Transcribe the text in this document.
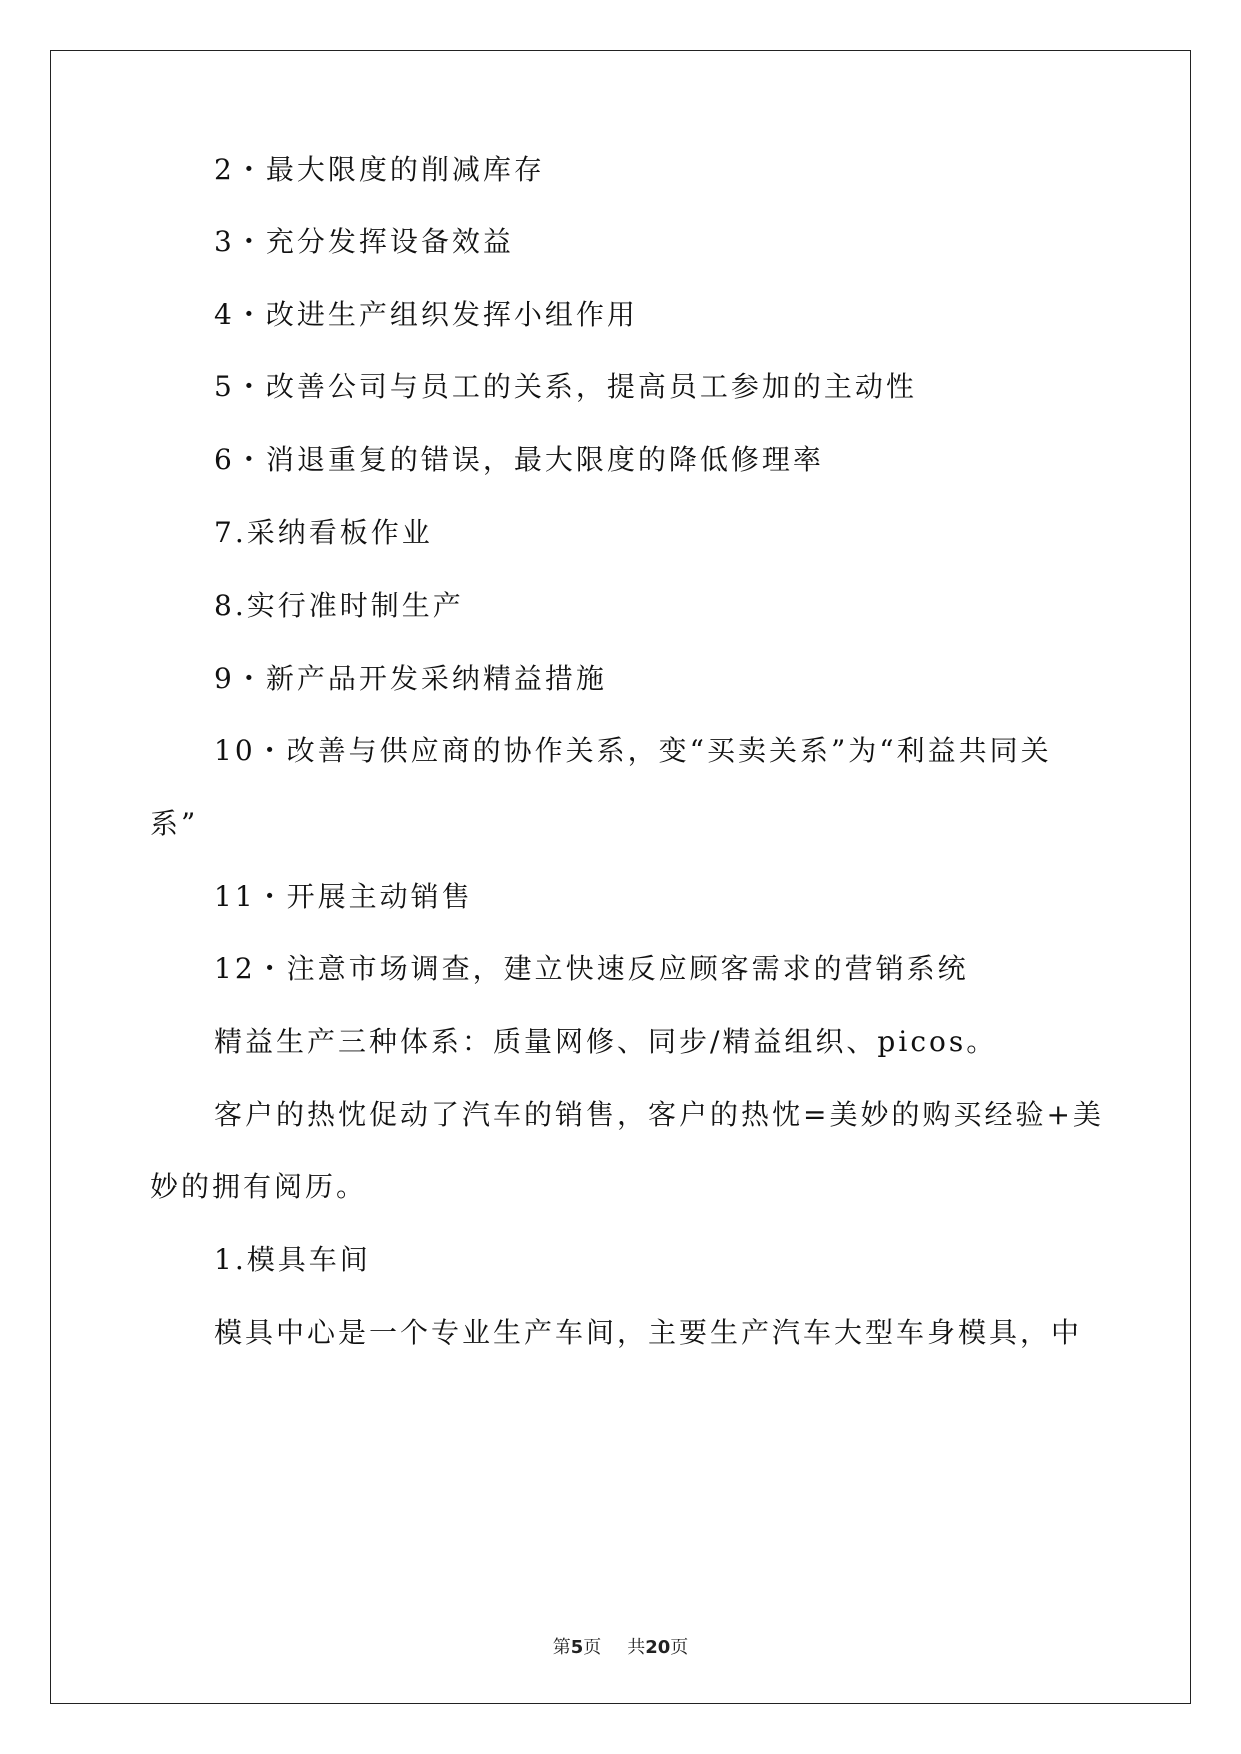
2・最大限度的削减库存
3・充分发挥设备效益
4・改进生产组织发挥小组作用
5・改善公司与员工的关系，提高员工参加的主动性
6・消退重复的错误，最大限度的降低修理率
7.采纳看板作业
8.实行准时制生产
9・新产品开发采纳精益措施
10・改善与供应商的协作关系，变“买卖关系”为“利益共同关
系”
11・开展主动销售
12・注意市场调查，建立快速反应顾客需求的营销系统
精益生产三种体系：质量网修、同步/精益组织、picos。
客户的热忱促动了汽车的销售，客户的热忱=美妙的购买经验+美
妙的拥有阅历。
1.模具车间
模具中心是一个专业生产车间，主要生产汽车大型车身模具，中
第5页 共20页
